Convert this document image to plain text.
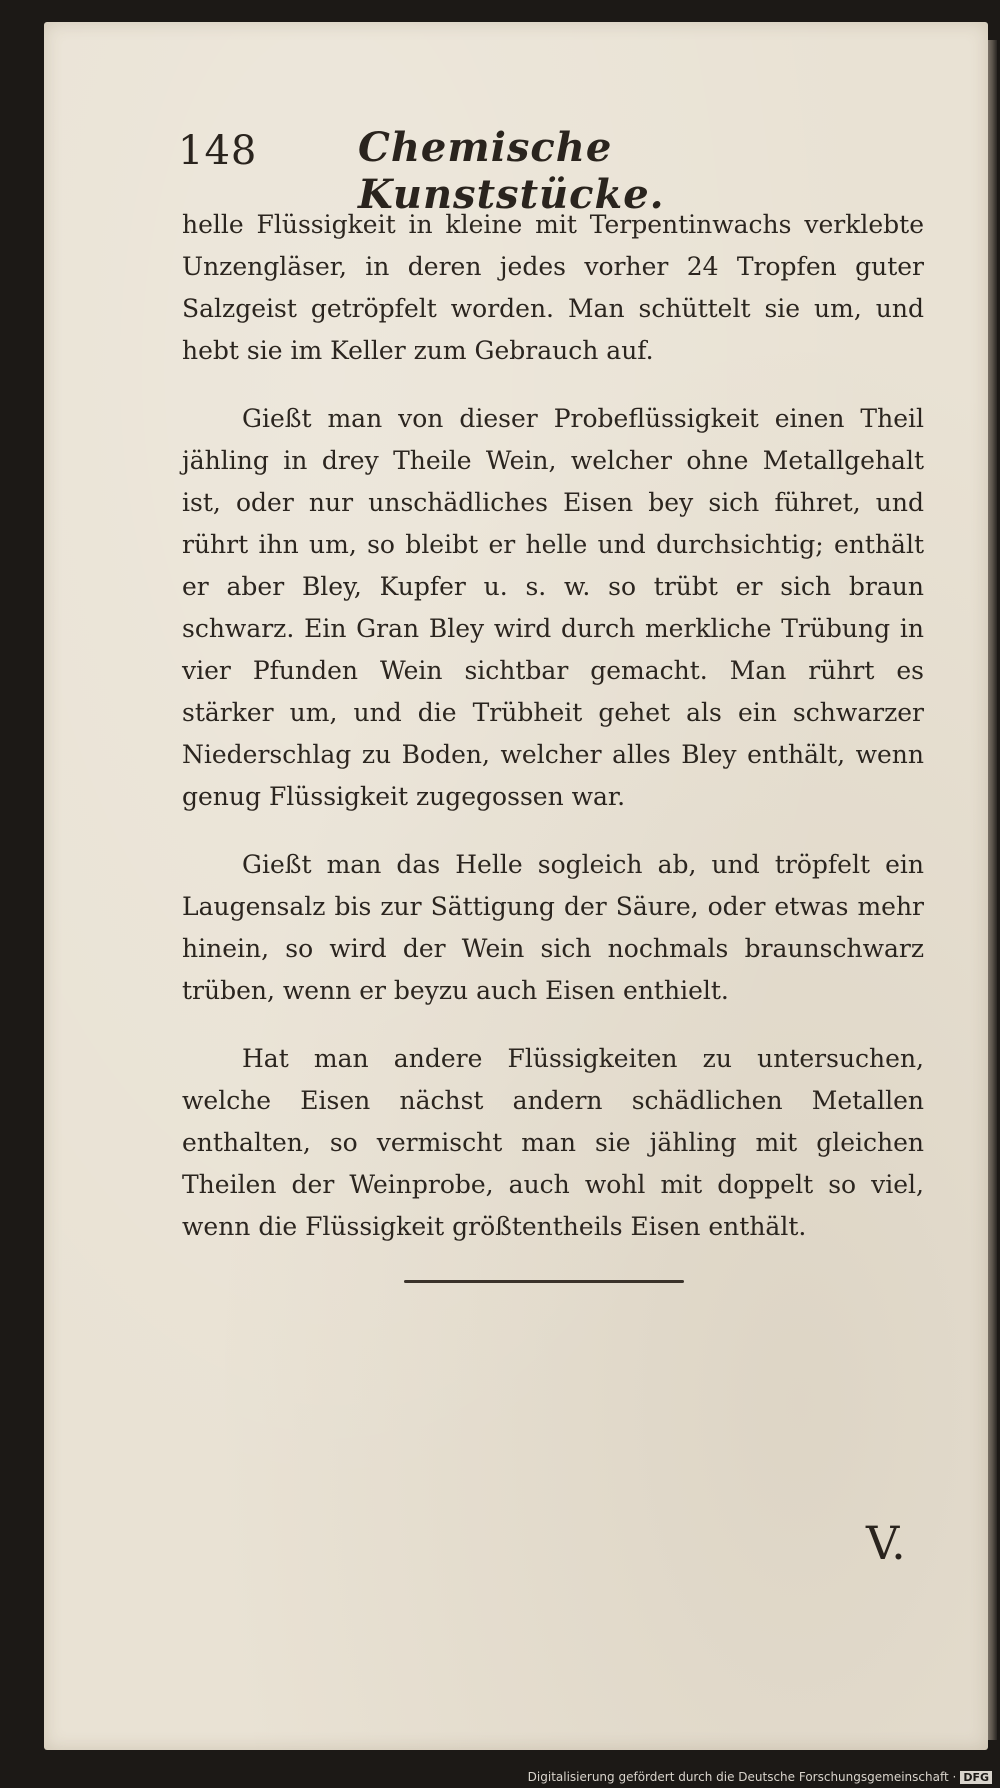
148	Chemische Kunststücke.

helle Flüssigkeit in kleine mit Terpentinwachs verklebte Unzengläser, in deren jedes vorher 24 Tropfen guter Salzgeist getröpfelt worden. Man schüttelt sie um, und hebt sie im Keller zum Gebrauch auf.

Gießt man von dieser Probeflüssigkeit einen Theil jähling in drey Theile Wein, welcher ohne Metallgehalt ist, oder nur unschädliches Eisen bey sich führet, und rührt ihn um, so bleibt er helle und durchsichtig; enthält er aber Bley, Kupfer u. s. w. so trübt er sich braun schwarz. Ein Gran Bley wird durch merkliche Trübung in vier Pfunden Wein sichtbar gemacht. Man rührt es stärker um, und die Trübheit gehet als ein schwarzer Niederschlag zu Boden, welcher alles Bley enthält, wenn genug Flüssigkeit zugegossen war.

Gießt man das Helle sogleich ab, und tröpfelt ein Laugensalz bis zur Sättigung der Säure, oder etwas mehr hinein, so wird der Wein sich nochmals braunschwarz trüben, wenn er beyzu auch Eisen enthielt.

Hat man andere Flüssigkeiten zu untersuchen, welche Eisen nächst andern schädlichen Metallen enthalten, so vermischt man sie jähling mit gleichen Theilen der Weinprobe, auch wohl mit doppelt so viel, wenn die Flüssigkeit größtentheils Eisen enthält.

V.
Digitalisierung gefördert durch die Deutsche Forschungsgemeinschaft · DFG
